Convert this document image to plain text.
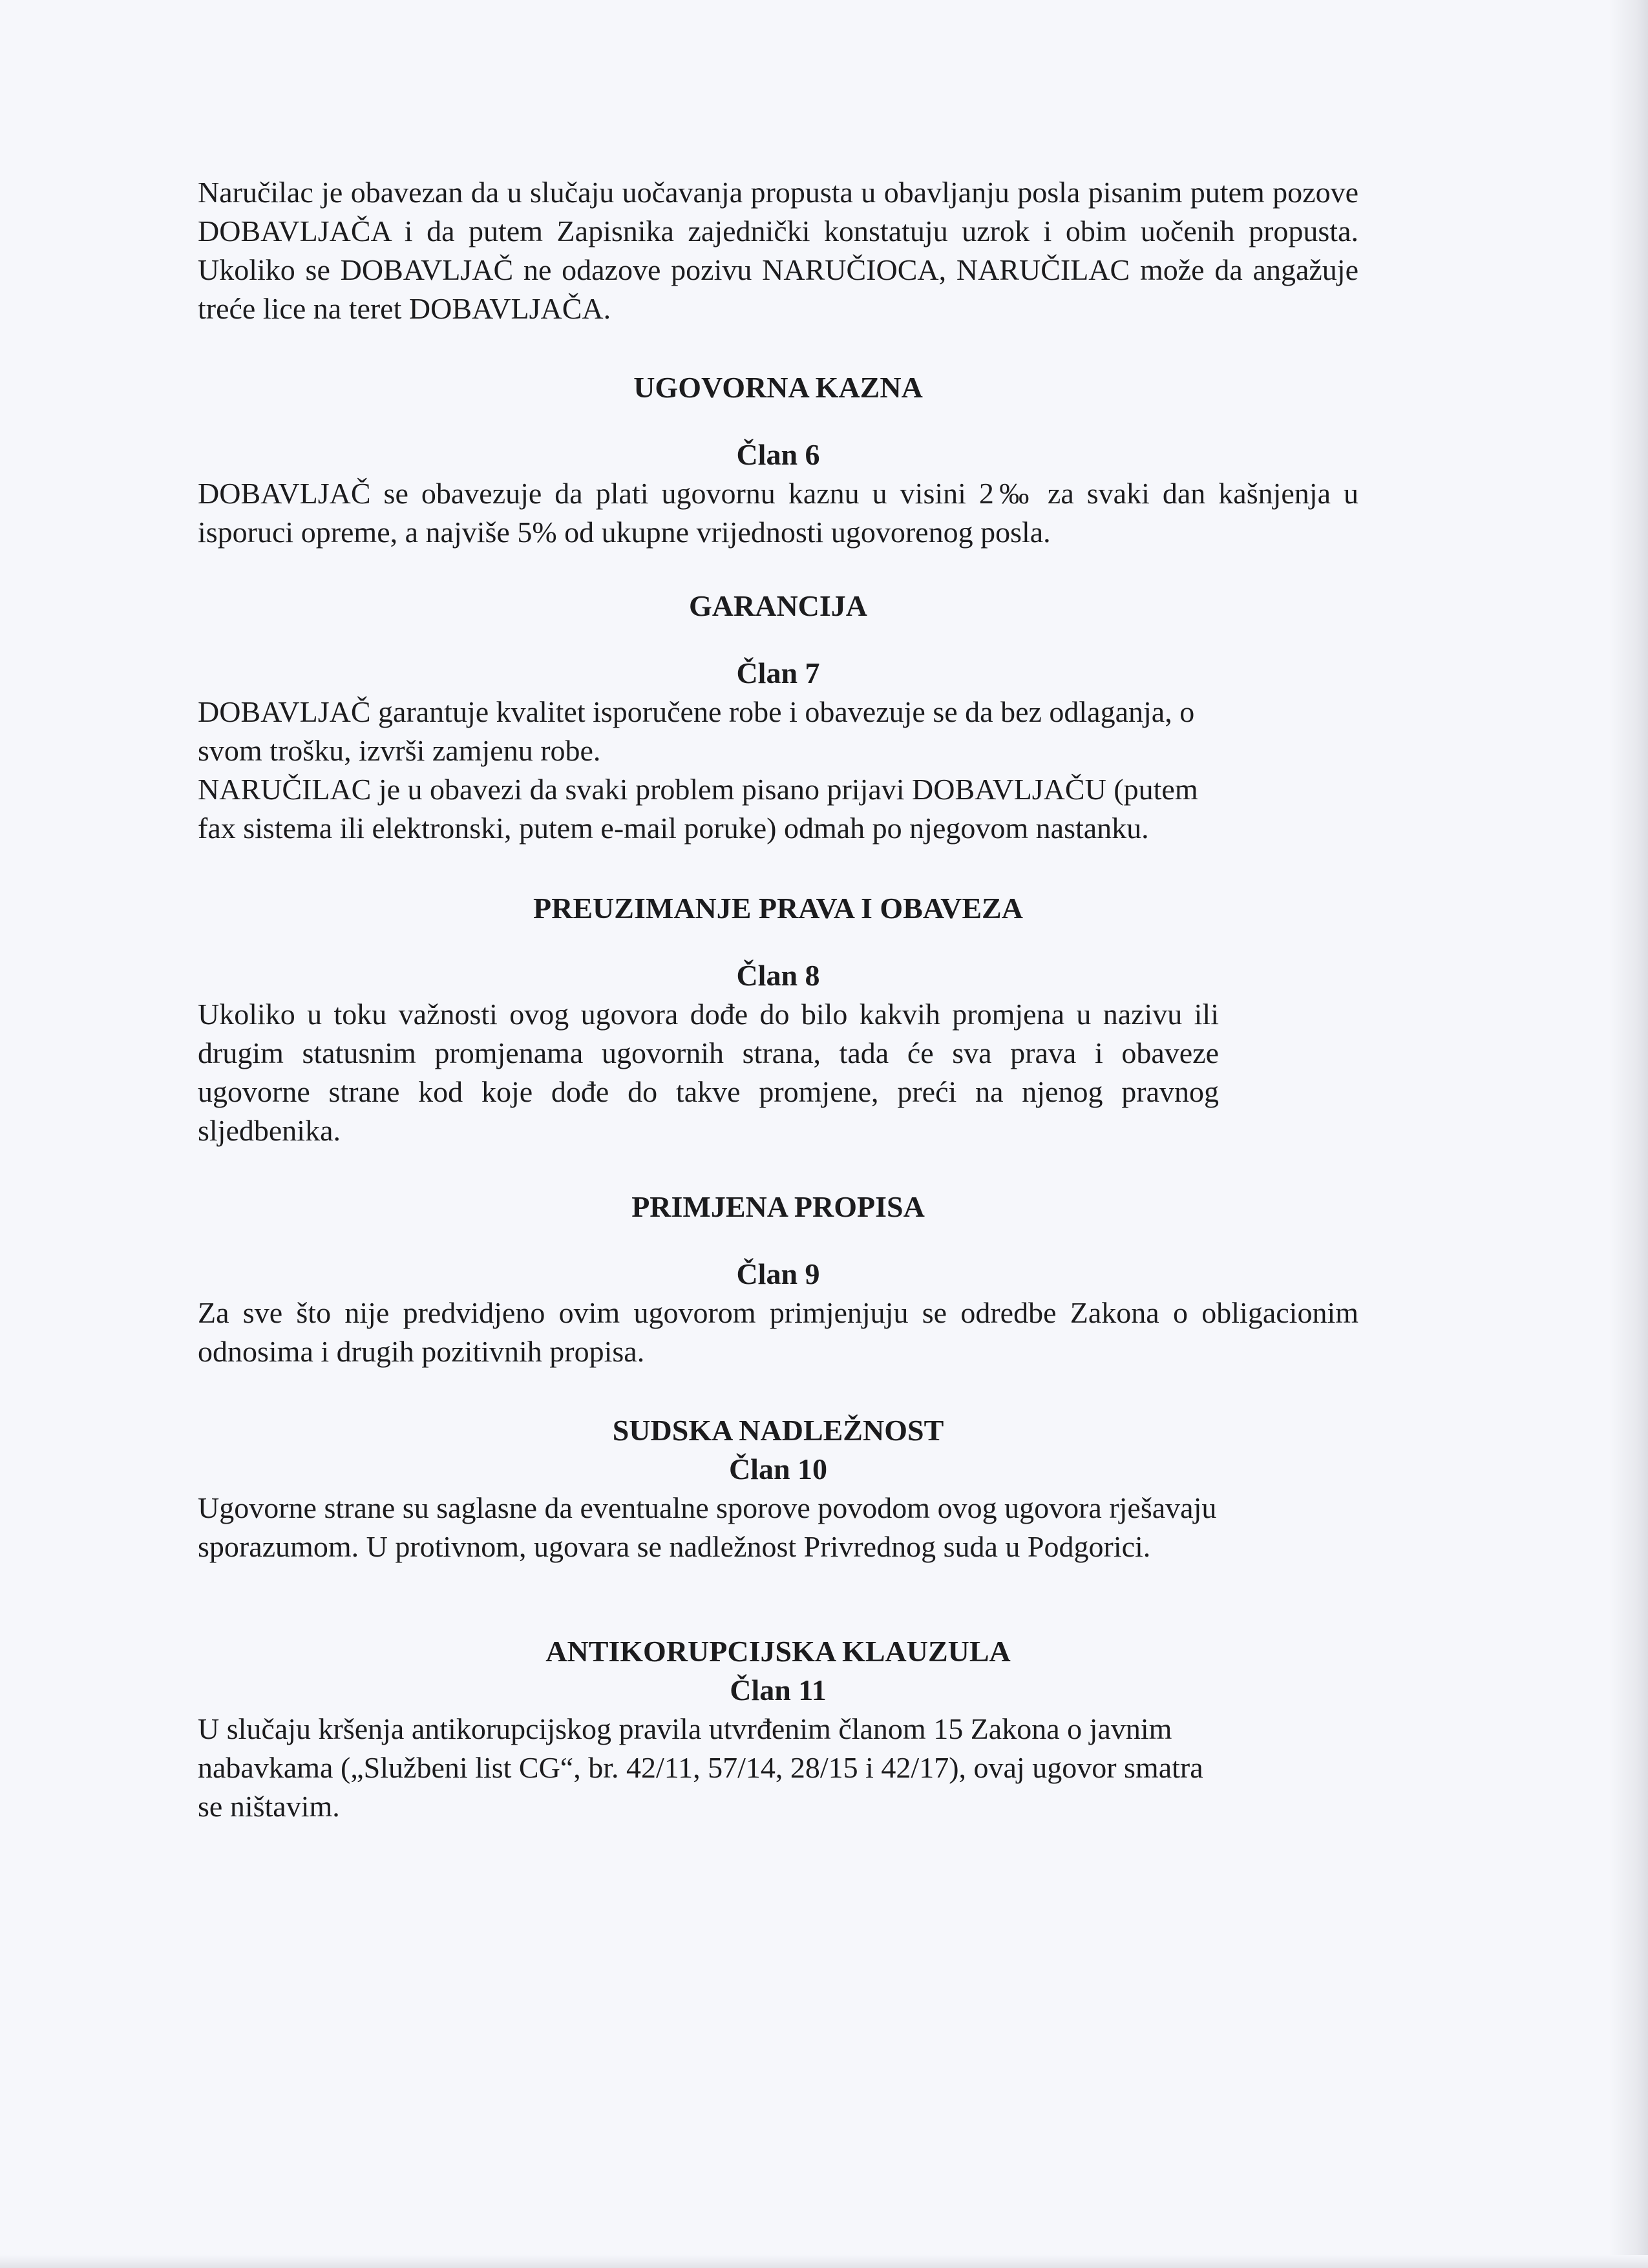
Naručilac je obavezan da u slučaju uočavanja propusta u obavljanju posla pisanim putem pozove DOBAVLJAČA i da putem Zapisnika zajednički konstatuju uzrok i obim uočenih propusta. Ukoliko se DOBAVLJAČ ne odazove pozivu NARUČIOCA, NARUČILAC može da angažuje treće lice na teret DOBAVLJAČA.

UGOVORNA KAZNA
Član 6

DOBAVLJAČ se obavezuje da plati ugovornu kaznu u visini 2‰ za svaki dan kašnjenja u isporuci opreme, a najviše 5% od ukupne vrijednosti ugovorenog posla.

GARANCIJA
Član 7

DOBAVLJAČ garantuje kvalitet isporučene robe i obavezuje se da bez odlaganja, o svom trošku, izvrši zamjenu robe.

NARUČILAC je u obavezi da svaki problem pisano prijavi DOBAVLJAČU (putem fax sistema ili elektronski, putem e-mail poruke) odmah po njegovom nastanku.

PREUZIMANJE PRAVA I OBAVEZA
Član 8

Ukoliko u toku važnosti ovog ugovora dođe do bilo kakvih promjena u nazivu ili drugim statusnim promjenama ugovornih strana, tada će sva prava i obaveze ugovorne strane kod koje dođe do takve promjene, preći na njenog pravnog sljedbenika.

PRIMJENA PROPISA
Član 9

Za sve što nije predvidjeno ovim ugovorom primjenjuju se odredbe Zakona o obligacionim odnosima i drugih pozitivnih propisa.

SUDSKA NADLEŽNOST
Član 10

Ugovorne strane su saglasne da eventualne sporove povodom ovog ugovora rješavaju sporazumom. U protivnom, ugovara se nadležnost Privrednog suda u Podgorici.

ANTIKORUPCIJSKA KLAUZULA
Član 11

U slučaju kršenja antikorupcijskog pravila utvrđenim članom 15 Zakona o javnim nabavkama („Službeni list CG“, br. 42/11, 57/14, 28/15 i 42/17), ovaj ugovor smatra se ništavim.
